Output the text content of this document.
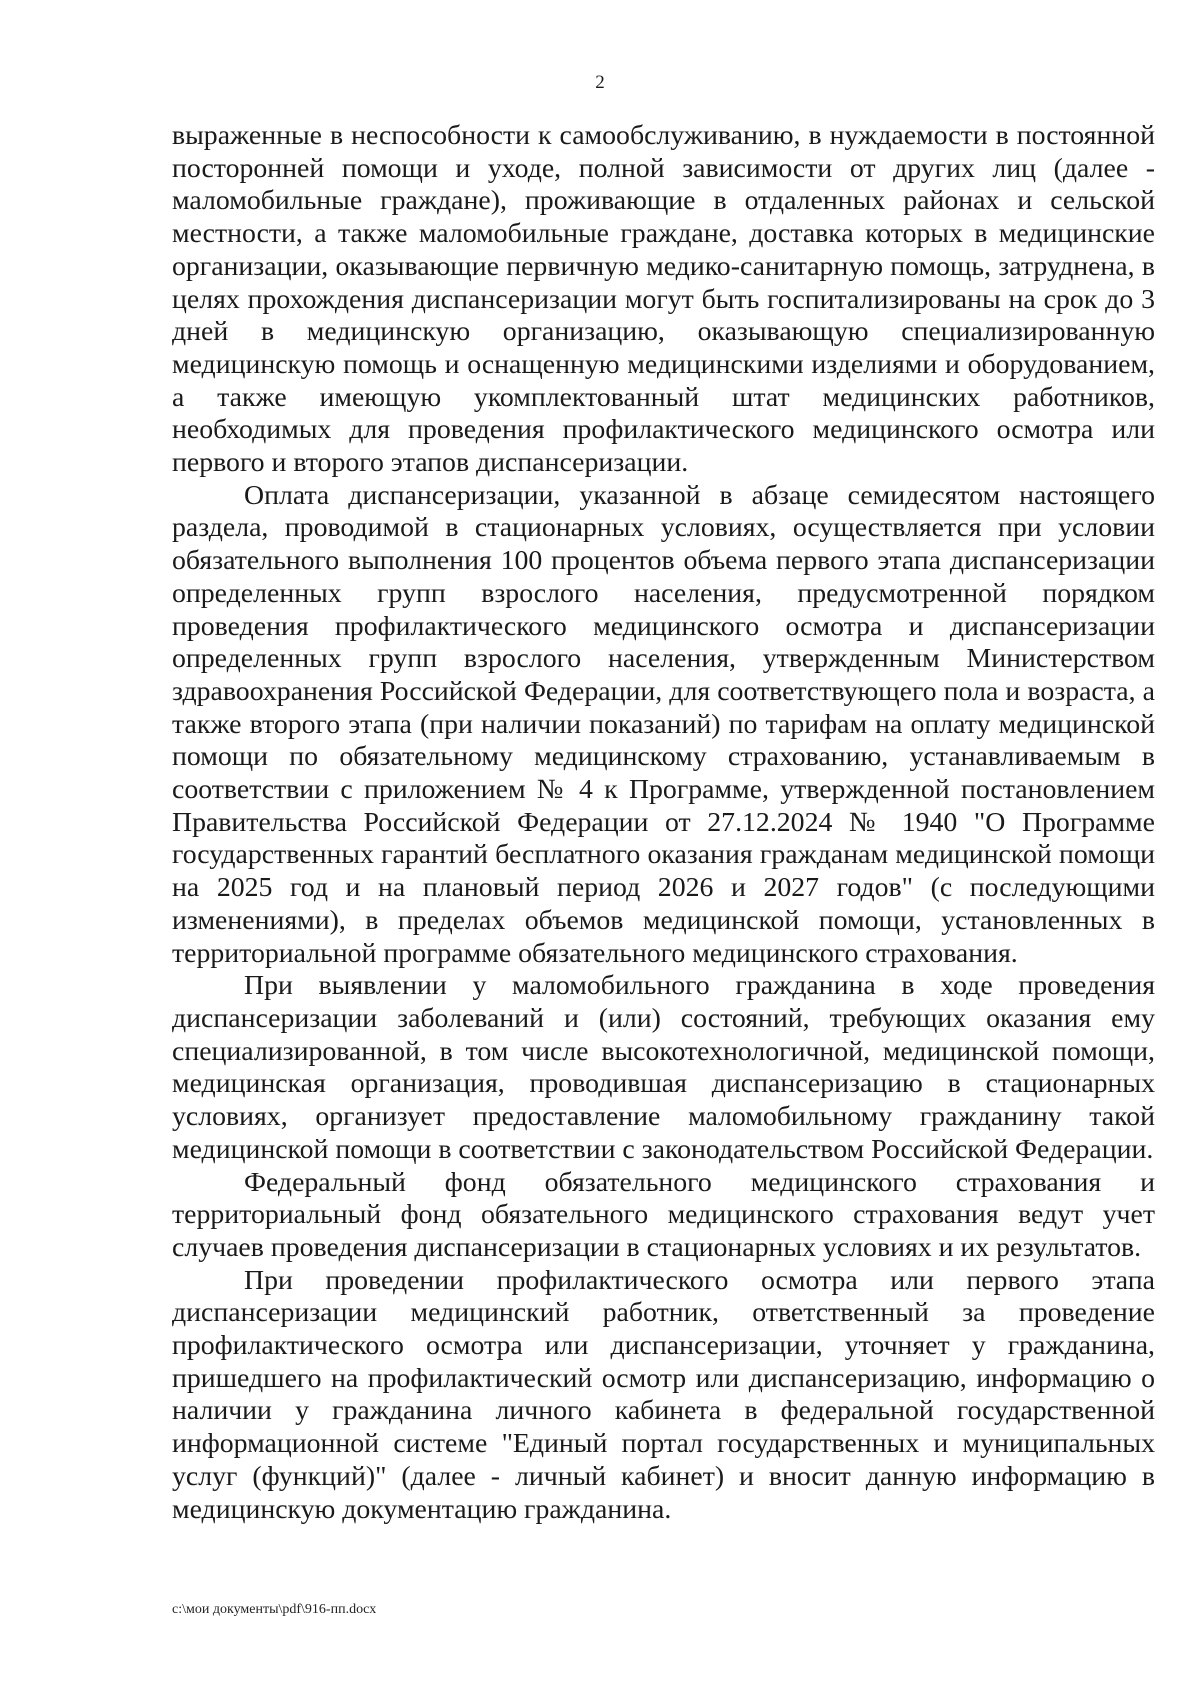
2

выраженные в неспособности к самообслуживанию, в нуждаемости в постоянной посторонней помощи и уходе, полной зависимости от других лиц (далее - маломобильные граждане), проживающие в отдаленных районах и сельской местности, а также маломобильные граждане, доставка которых в медицинские организации, оказывающие первичную медико-санитарную помощь, затруднена, в целях прохождения диспансеризации могут быть госпитализированы на срок до 3 дней в медицинскую организацию, оказывающую специализированную медицинскую помощь и оснащенную медицинскими изделиями и оборудованием, а также имеющую укомплектованный штат медицинских работников, необходимых для проведения профилактического медицинского осмотра или первого и второго этапов диспансеризации.

Оплата диспансеризации, указанной в абзаце семидесятом настоящего раздела, проводимой в стационарных условиях, осуществляется при условии обязательного выполнения 100 процентов объема первого этапа диспансеризации определенных групп взрослого населения, предусмотренной порядком проведения профилактического медицинского осмотра и диспансеризации определенных групп взрослого населения, утвержденным Министерством здравоохранения Российской Федерации, для соответствующего пола и возраста, а также второго этапа (при наличии показаний) по тарифам на оплату медицинской помощи по обязательному медицинскому страхованию, устанавливаемым в соответствии с приложением № 4 к Программе, утвержденной постановлением Правительства Российской Федерации от 27.12.2024 № 1940 "О Программе государственных гарантий бесплатного оказания гражданам медицинской помощи на 2025 год и на плановый период 2026 и 2027 годов" (с последующими изменениями), в пределах объемов медицинской помощи, установленных в территориальной программе обязательного медицинского страхования.

При выявлении у маломобильного гражданина в ходе проведения диспансеризации заболеваний и (или) состояний, требующих оказания ему специализированной, в том числе высокотехнологичной, медицинской помощи, медицинская организация, проводившая диспансеризацию в стационарных условиях, организует предоставление маломобильному гражданину такой медицинской помощи в соответствии с законодательством Российской Федерации.

Федеральный фонд обязательного медицинского страхования и территориальный фонд обязательного медицинского страхования ведут учет случаев проведения диспансеризации в стационарных условиях и их результатов.

При проведении профилактического осмотра или первого этапа диспансеризации медицинский работник, ответственный за проведение профилактического осмотра или диспансеризации, уточняет у гражданина, пришедшего на профилактический осмотр или диспансеризацию, информацию о наличии у гражданина личного кабинета в федеральной государственной информационной системе "Единый портал государственных и муниципальных услуг (функций)" (далее - личный кабинет) и вносит данную информацию в медицинскую документацию гражданина.

c:\мои документы\pdf\916-пп.docx
